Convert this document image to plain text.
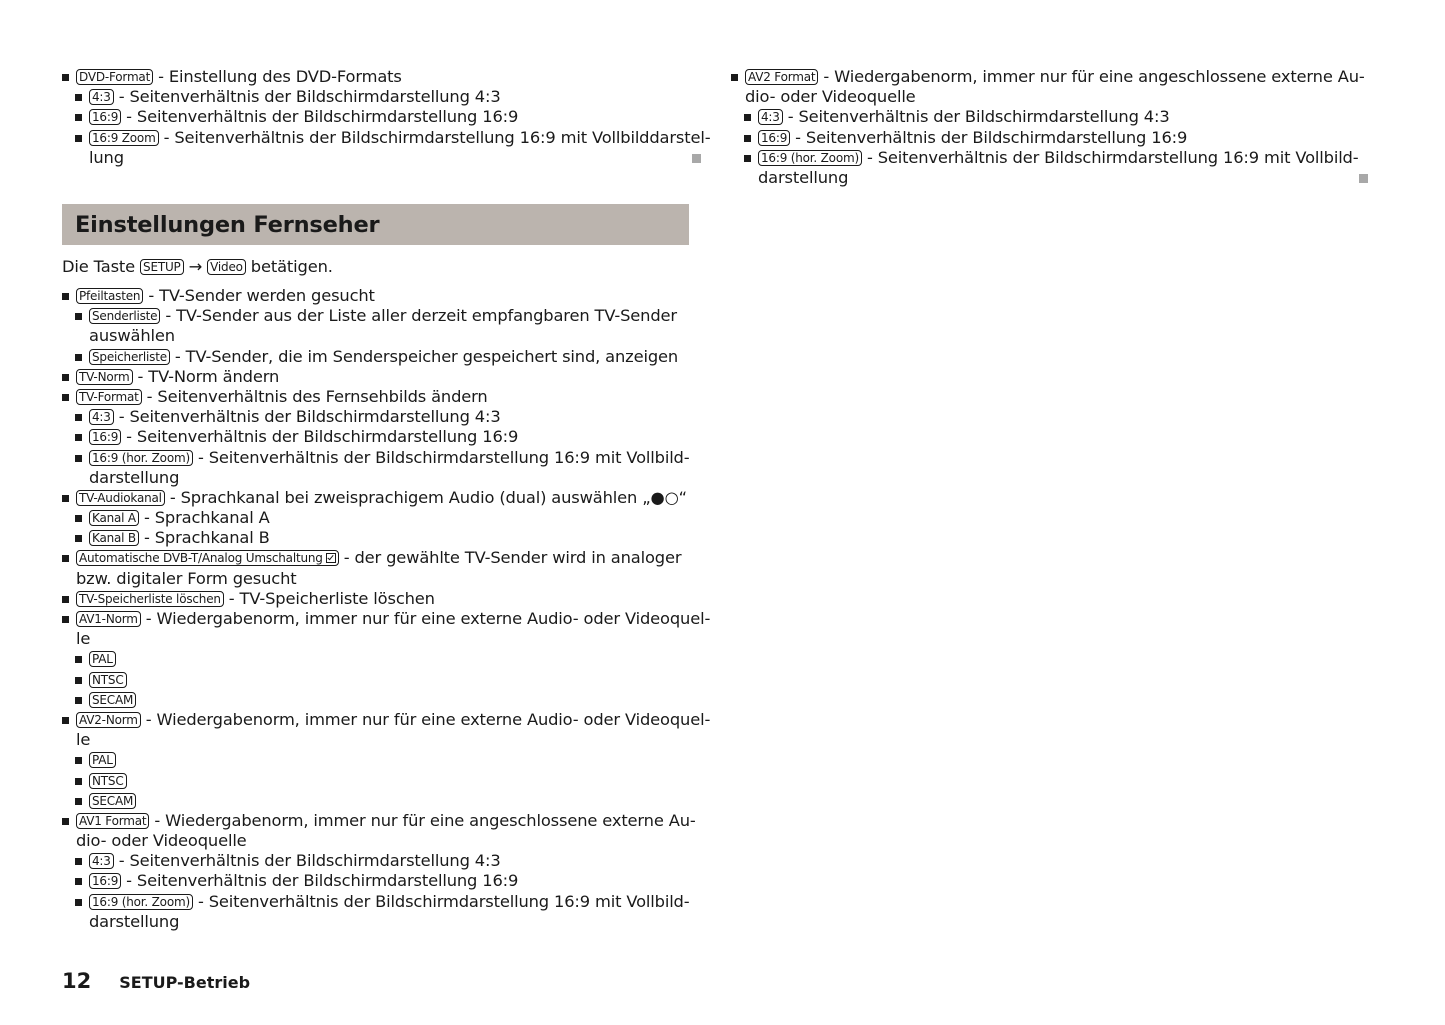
DVD-Format - Einstellung des DVD-Formats
4:3 - Seitenverhältnis der Bildschirmdarstellung 4:3
16:9 - Seitenverhältnis der Bildschirmdarstellung 16:9
16:9 Zoom - Seitenverhältnis der Bildschirmdarstellung 16:9 mit Vollbilddarstel-
lung
Einstellungen Fernseher
Die Taste SETUP → Video betätigen.
Pfeiltasten - TV-Sender werden gesucht
Senderliste - TV-Sender aus der Liste aller derzeit empfangbaren TV-Sender
auswählen
Speicherliste - TV-Sender, die im Senderspeicher gespeichert sind, anzeigen
TV-Norm - TV-Norm ändern
TV-Format - Seitenverhältnis des Fernsehbilds ändern
4:3 - Seitenverhältnis der Bildschirmdarstellung 4:3
16:9 - Seitenverhältnis der Bildschirmdarstellung 16:9
16:9 (hor. Zoom) - Seitenverhältnis der Bildschirmdarstellung 16:9 mit Vollbild-
darstellung
TV-Audiokanal - Sprachkanal bei zweisprachigem Audio (dual) auswählen „●○“
Kanal A - Sprachkanal A
Kanal B - Sprachkanal B
Automatische DVB-T/Analog Umschaltung - der gewählte TV-Sender wird in analoger
bzw. digitaler Form gesucht
TV-Speicherliste löschen - TV-Speicherliste löschen
AV1-Norm - Wiedergabenorm, immer nur für eine externe Audio- oder Videoquel-
le
PAL
NTSC
SECAM
AV2-Norm - Wiedergabenorm, immer nur für eine externe Audio- oder Videoquel-
le
PAL
NTSC
SECAM
AV1 Format - Wiedergabenorm, immer nur für eine angeschlossene externe Au-
dio- oder Videoquelle
4:3 - Seitenverhältnis der Bildschirmdarstellung 4:3
16:9 - Seitenverhältnis der Bildschirmdarstellung 16:9
16:9 (hor. Zoom) - Seitenverhältnis der Bildschirmdarstellung 16:9 mit Vollbild-
darstellung
AV2 Format - Wiedergabenorm, immer nur für eine angeschlossene externe Au-
dio- oder Videoquelle
4:3 - Seitenverhältnis der Bildschirmdarstellung 4:3
16:9 - Seitenverhältnis der Bildschirmdarstellung 16:9
16:9 (hor. Zoom) - Seitenverhältnis der Bildschirmdarstellung 16:9 mit Vollbild-
darstellung
12 SETUP-Betrieb
